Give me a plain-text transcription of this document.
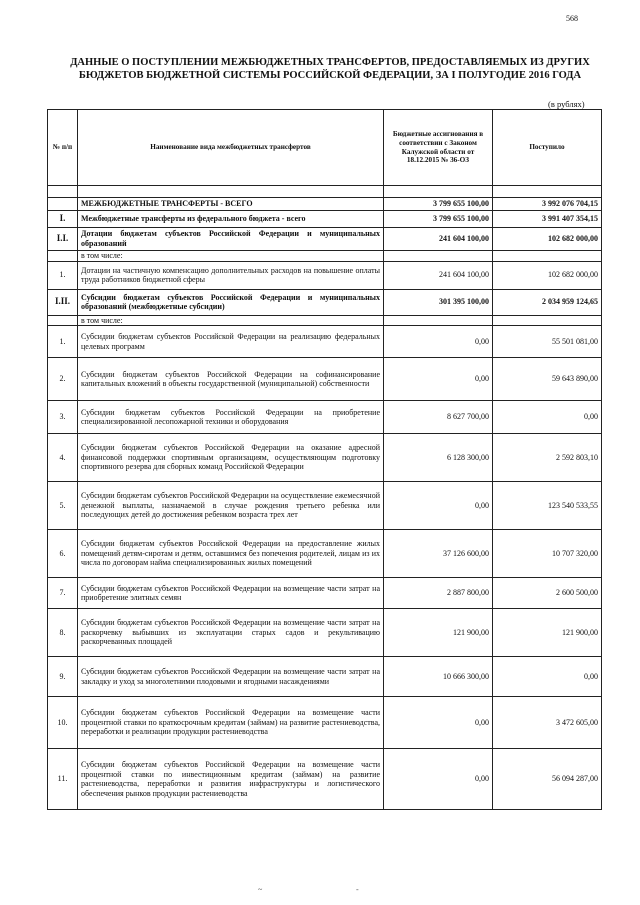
568
ДАННЫЕ О ПОСТУПЛЕНИИ МЕЖБЮДЖЕТНЫХ ТРАНСФЕРТОВ, ПРЕДОСТАВЛЯЕМЫХ ИЗ ДРУГИХ БЮДЖЕТОВ БЮДЖЕТНОЙ СИСТЕМЫ РОССИЙСКОЙ ФЕДЕРАЦИИ, ЗА I ПОЛУГОДИЕ 2016 ГОДА
(в рублях)
№ п/п	Наименование вида межбюджетных трансфертов	Бюджетные ассигнования в соответствии с Законом Калужской области от 18.12.2015 № 36-ОЗ	Поступило

	МЕЖБЮДЖЕТНЫЕ ТРАНСФЕРТЫ - ВСЕГО	3 799 655 100,00	3 992 076 704,15
I.	Межбюджетные трансферты из федерального бюджета - всего	3 799 655 100,00	3 991 407 354,15
I.I.	Дотации бюджетам субъектов Российской Федерации и муниципальных образований	241 604 100,00	102 682 000,00
	в том числе:		
1.	Дотации на частичную компенсацию дополнительных расходов на повышение оплаты труда работников бюджетной сферы	241 604 100,00	102 682 000,00
I.II.	Субсидии бюджетам субъектов Российской Федерации и муниципальных образований (межбюджетные субсидии)	301 395 100,00	2 034 959 124,65
	в том числе:		
1.	Субсидии бюджетам субъектов Российской Федерации на реализацию федеральных целевых программ	0,00	55 501 081,00
2.	Субсидии бюджетам субъектов Российской Федерации на софинансирование капитальных вложений в объекты государственной (муниципальной) собственности	0,00	59 643 890,00
3.	Субсидии бюджетам субъектов Российской Федерации на приобретение специализированной лесопожарной техники и оборудования	8 627 700,00	0,00
4.	Субсидии бюджетам субъектов Российской Федерации на оказание адресной финансовой поддержки спортивным организациям, осуществляющим подготовку спортивного резерва для сборных команд Российской Федерации	6 128 300,00	2 592 803,10
5.	Субсидии бюджетам субъектов Российской Федерации на осуществление ежемесячной денежной выплаты, назначаемой в случае рождения третьего ребенка или последующих детей до достижения ребенком возраста трех лет	0,00	123 540 533,55
6.	Субсидии бюджетам субъектов Российской Федерации на предоставление жилых помещений детям-сиротам и детям, оставшимся без попечения родителей, лицам из их числа по договорам найма специализированных жилых помещений	37 126 600,00	10 707 320,00
7.	Субсидии бюджетам субъектов Российской Федерации на возмещение части затрат на приобретение элитных семян	2 887 800,00	2 600 500,00
8.	Субсидии бюджетам субъектов Российской Федерации на возмещение части затрат на раскорчевку выбывших из эксплуатации старых садов и рекультивацию раскорчеванных площадей	121 900,00	121 900,00
9.	Субсидии бюджетам субъектов Российской Федерации на возмещение части затрат на закладку и уход за многолетними плодовыми и ягодными насаждениями	10 666 300,00	0,00
10.	Субсидии бюджетам субъектов Российской Федерации на возмещение части процентной ставки по краткосрочным кредитам (займам) на развитие растениеводства, переработки и реализации продукции растениеводства	0,00	3 472 605,00
11.	Субсидии бюджетам субъектов Российской Федерации на возмещение части процентной ставки по инвестиционным кредитам (займам) на развитие растениеводства, переработки и развития инфраструктуры и логистического обеспечения рынков продукции растениеводства	0,00	56 094 287,00
~	-
